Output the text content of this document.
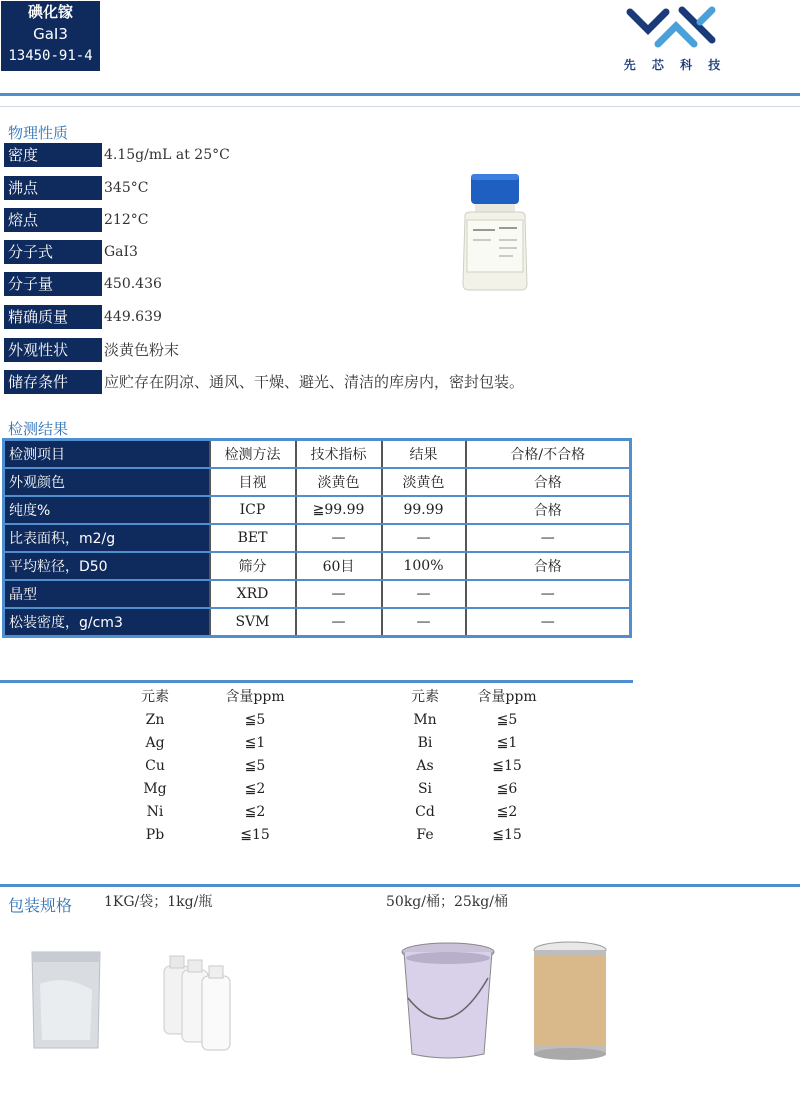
碘化镓
GaI3
13450-91-4
先 芯 科 技
物理性质
密度	4.15g/mL at 25°C
沸点	345°C
熔点	212°C
分子式	GaI3
分子量	450.436
精确质量	449.639
外观性状	淡黄色粉末
储存条件	应贮存在阴凉、通风、干燥、避光、清洁的库房内，密封包装。
检测结果
检测项目	检测方法	技术指标	结果	合格/不合格
外观颜色	目视	淡黄色	淡黄色	合格
纯度%	ICP	≧99.99	99.99	合格
比表面积，m2/g	BET	—	—	—
平均粒径，D50	筛分	60目	100%	合格
晶型	XRD	—	—	—
松装密度，g/cm3	SVM	—	—	—
元素	含量ppm
Zn	≦5
Ag	≦1
Cu	≦5
Mg	≦2
Ni	≦2
Pb	≦15
元素	含量ppm
Mn	≦5
Bi	≦1
As	≦15
Si	≦6
Cd	≦2
Fe	≦15
包装规格 1KG/袋；1kg/瓶	50kg/桶；25kg/桶
